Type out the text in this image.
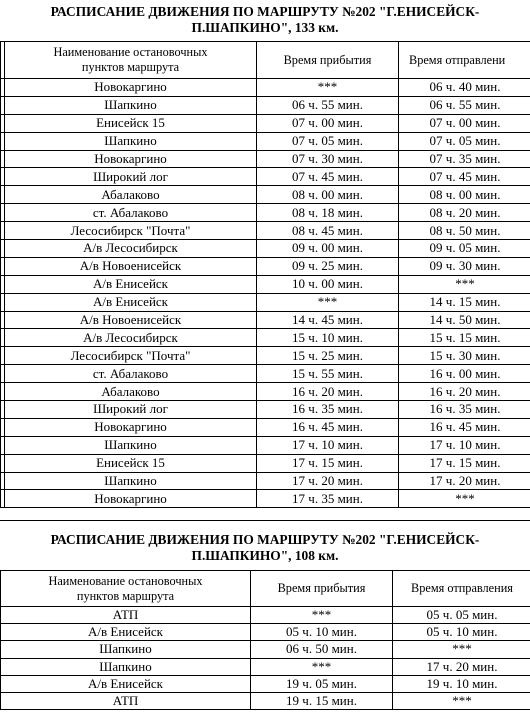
РАСПИСАНИЕ ДВИЖЕНИЯ ПО МАРШРУТУ №202 "Г.ЕНИСЕЙСК-
П.ШАПКИНО", 133 км.

	Наименование остановочных
пунктов маршрута	Время прибытия	Время отправлени
	Новокаргино	***	06 ч. 40 мин.
	Шапкино	06 ч. 55 мин.	06 ч. 55 мин.
	Енисейск 15	07 ч. 00 мин.	07 ч. 00 мин.
	Шапкино	07 ч. 05 мин.	07 ч. 05 мин.
	Новокаргино	07 ч. 30 мин.	07 ч. 35 мин.
	Широкий лог	07 ч. 45 мин.	07 ч. 45 мин.
	Абалаково	08 ч. 00 мин.	08 ч. 00 мин.
	ст. Абалаково	08 ч. 18 мин.	08 ч. 20 мин.
	Лесосибирск "Почта"	08 ч. 45 мин.	08 ч. 50 мин.
	А/в Лесосибирск	09 ч. 00 мин.	09 ч. 05 мин.
	А/в Новоенисейск	09 ч. 25 мин.	09 ч. 30 мин.
	А/в Енисейск	10 ч. 00 мин.	***
	А/в Енисейск	***	14 ч. 15 мин.
	А/в Новоенисейск	14 ч. 45 мин.	14 ч. 50 мин.
	А/в Лесосибирск	15 ч. 10 мин.	15 ч. 15 мин.
	Лесосибирск "Почта"	15 ч. 25 мин.	15 ч. 30 мин.
	ст. Абалаково	15 ч. 55 мин.	16 ч. 00 мин.
	Абалаково	16 ч. 20 мин.	16 ч. 20 мин.
	Широкий лог	16 ч. 35 мин.	16 ч. 35 мин.
	Новокаргино	16 ч. 45 мин.	16 ч. 45 мин.
	Шапкино	17 ч. 10 мин.	17 ч. 10 мин.
	Енисейск 15	17 ч. 15 мин.	17 ч. 15 мин.
	Шапкино	17 ч. 20 мин.	17 ч. 20 мин.
	Новокаргино	17 ч. 35 мин.	***
РАСПИСАНИЕ ДВИЖЕНИЯ ПО МАРШРУТУ №202 "Г.ЕНИСЕЙСК-
П.ШАПКИНО", 108 км.
Наименование остановочных
пунктов маршрута	Время прибытия	Время отправления
АТП	***	05 ч. 05 мин.
А/в Енисейск	05 ч. 10 мин.	05 ч. 10 мин.
Шапкино	06 ч. 50 мин.	***
Шапкино	***	17 ч. 20 мин.
А/в Енисейск	19 ч. 05 мин.	19 ч. 10 мин.
АТП	19 ч. 15 мин.	***
